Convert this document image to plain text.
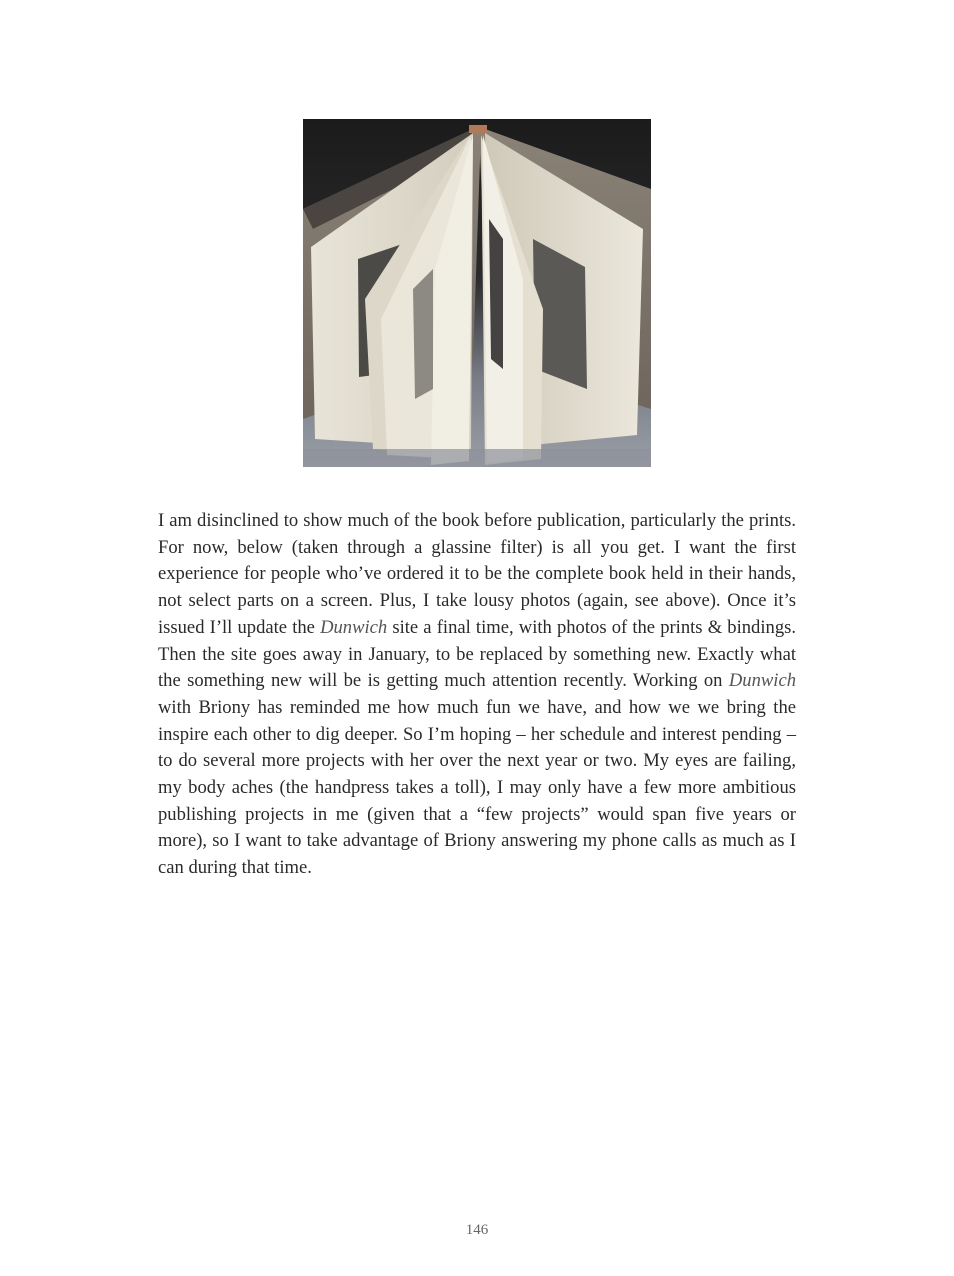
I am disinclined to show much of the book before publication, particularly the prints. For now, below (taken through a glassine filter) is all you get. I want the first experience for people who’ve ordered it to be the complete book held in their hands, not select parts on a screen. Plus, I take lousy photos (again, see above). Once it’s issued I’ll update the Dunwich site a final time, with photos of the prints & bindings. Then the site goes away in January, to be replaced by something new. Exactly what the something new will be is getting much attention recently. Working on Dunwich with Briony has reminded me how much fun we have, and how we we bring the inspire each other to dig deeper. So I’m hoping – her schedule and interest pending – to do several more projects with her over the next year or two. My eyes are failing, my body aches (the handpress takes a toll), I may only have a few more ambitious publishing projects in me (given that a “few projects” would span five years or more), so I want to take advantage of Briony answering my phone calls as much as I can during that time.

146
